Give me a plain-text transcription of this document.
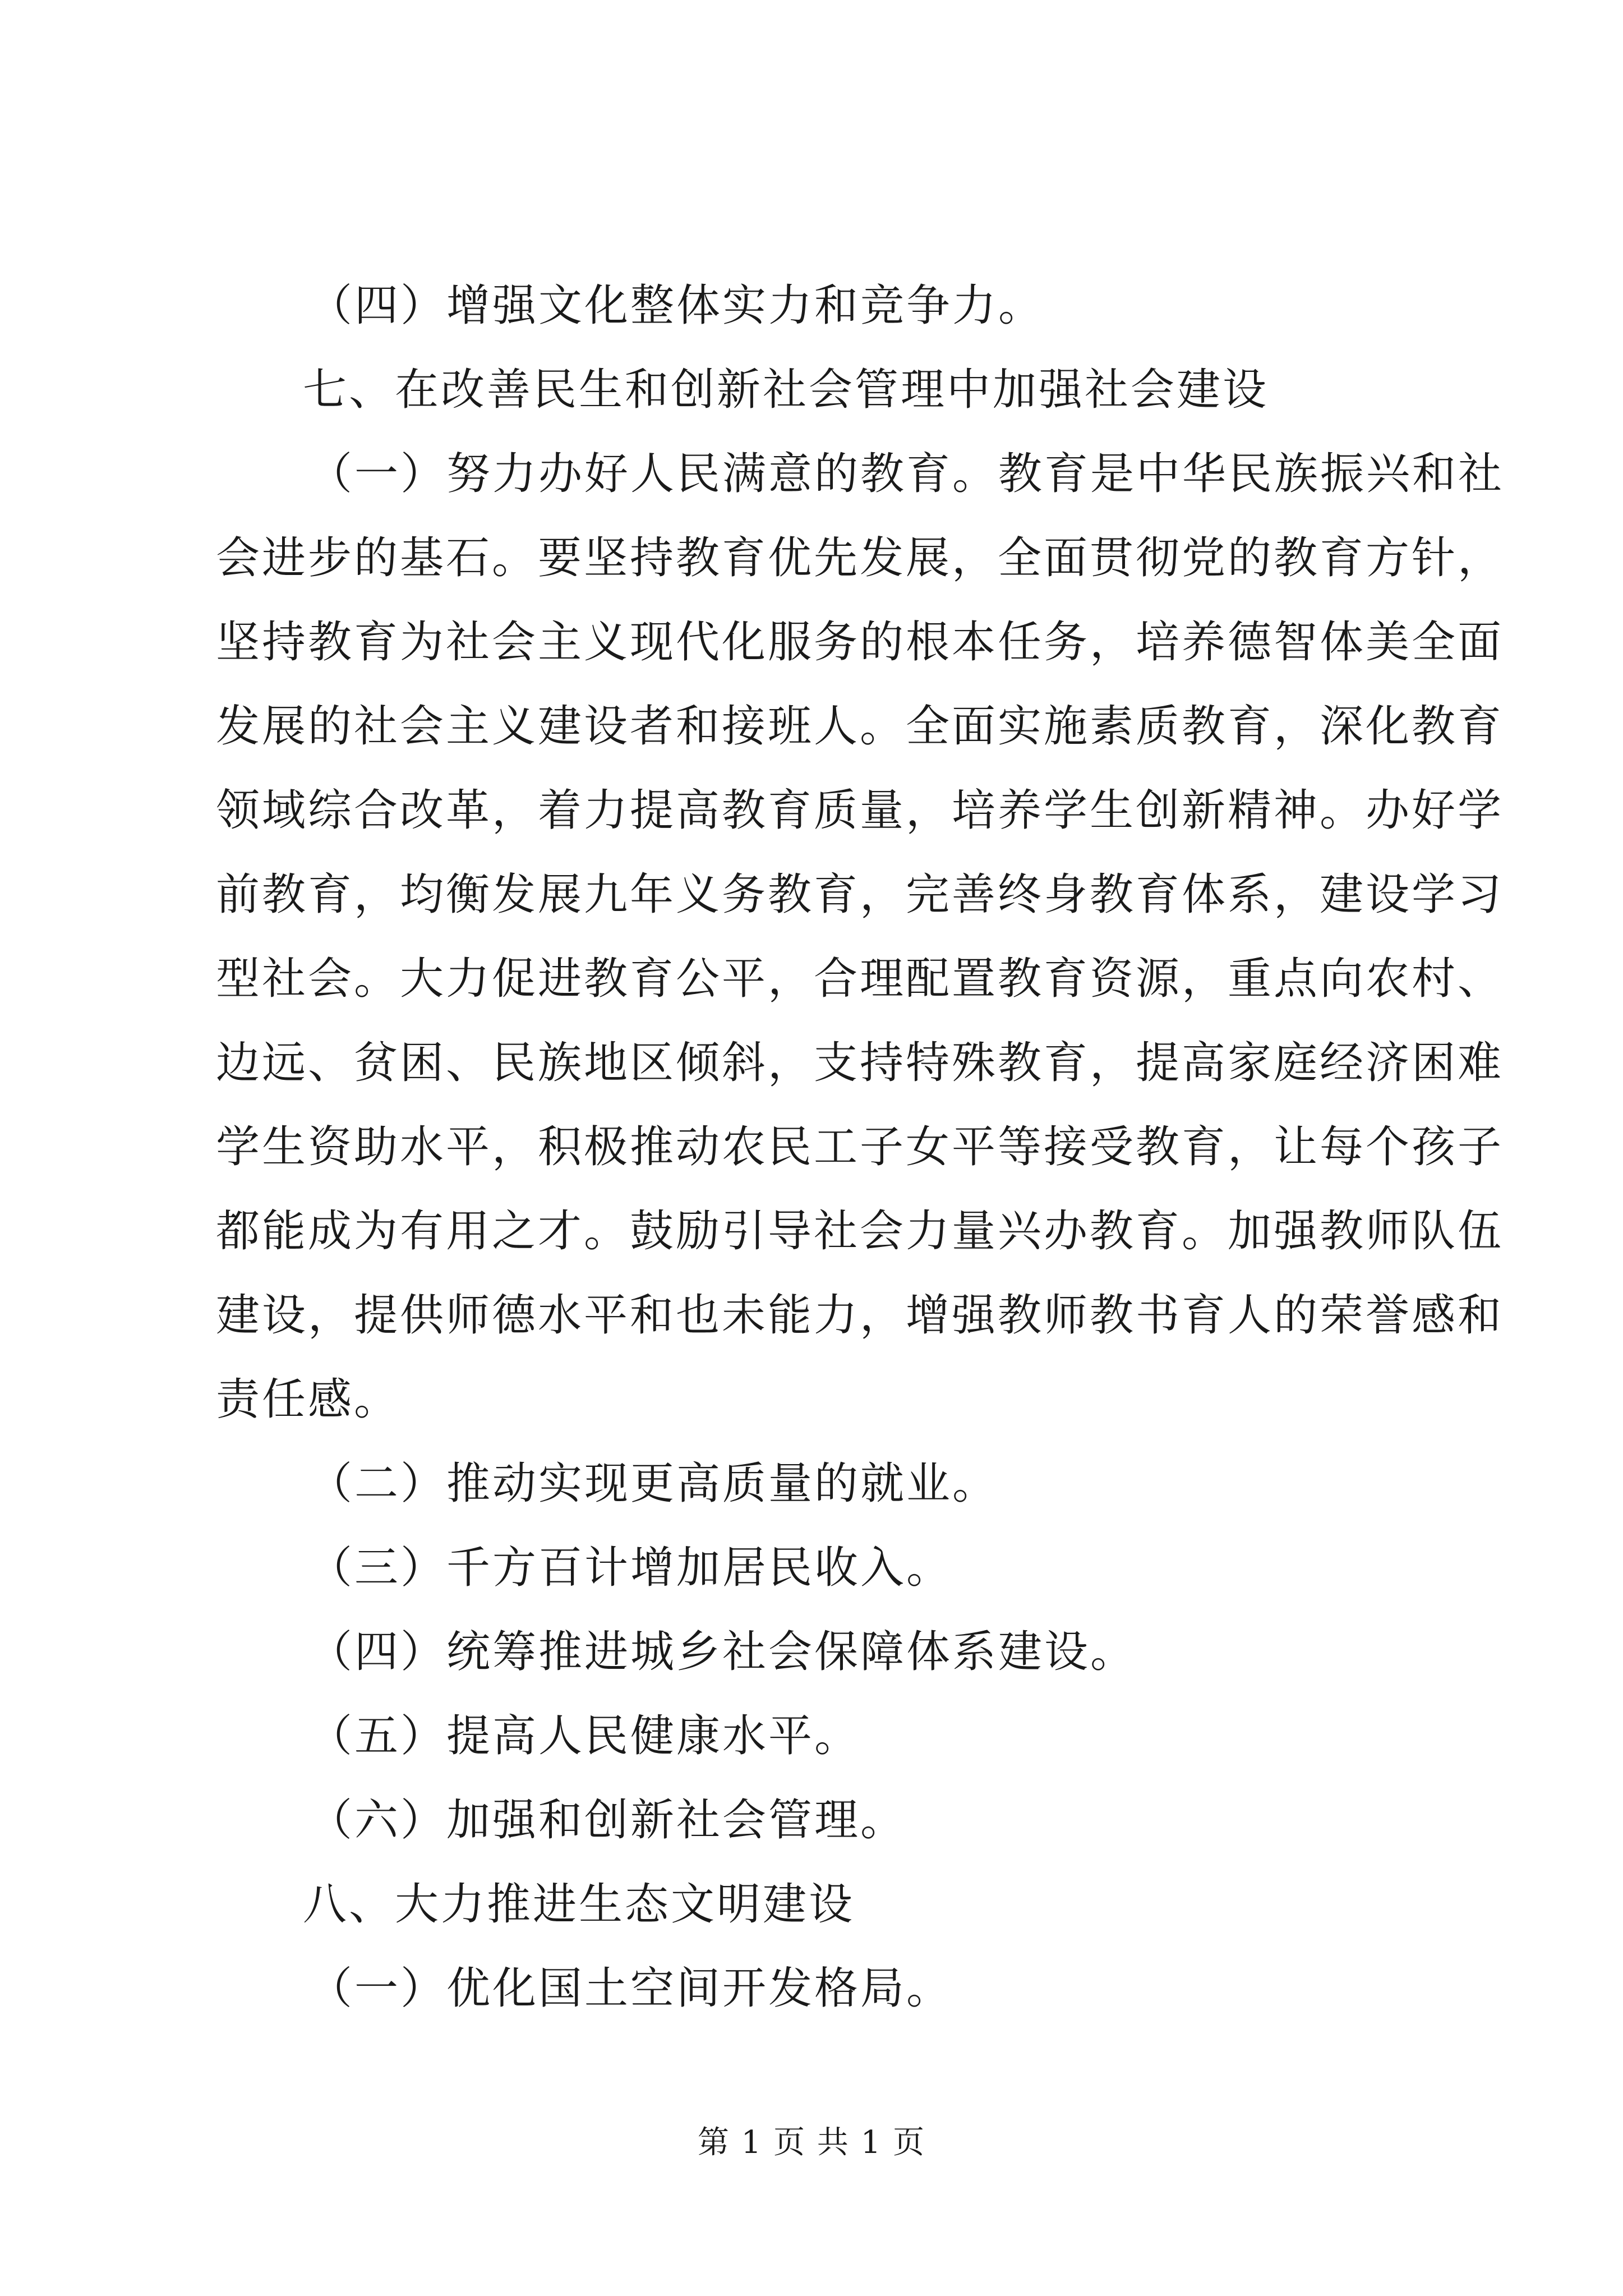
（四）增强文化整体实力和竞争力。
七、在改善民生和创新社会管理中加强社会建设
（一）努力办好人民满意的教育。教育是中华民族振兴和社
会进步的基石。要坚持教育优先发展，全面贯彻党的教育方针，
坚持教育为社会主义现代化服务的根本任务，培养德智体美全面
发展的社会主义建设者和接班人。全面实施素质教育，深化教育
领域综合改革，着力提高教育质量，培养学生创新精神。办好学
前教育，均衡发展九年义务教育，完善终身教育体系，建设学习
型社会。大力促进教育公平，合理配置教育资源，重点向农村、
边远、贫困、民族地区倾斜，支持特殊教育，提高家庭经济困难
学生资助水平，积极推动农民工子女平等接受教育，让每个孩子
都能成为有用之才。鼓励引导社会力量兴办教育。加强教师队伍
建设，提供师德水平和也未能力，增强教师教书育人的荣誉感和
责任感。
（二）推动实现更高质量的就业。
（三）千方百计增加居民收入。
（四）统筹推进城乡社会保障体系建设。
（五）提高人民健康水平。
（六）加强和创新社会管理。
八、大力推进生态文明建设
（一）优化国土空间开发格局。
第 1 页 共 1 页
